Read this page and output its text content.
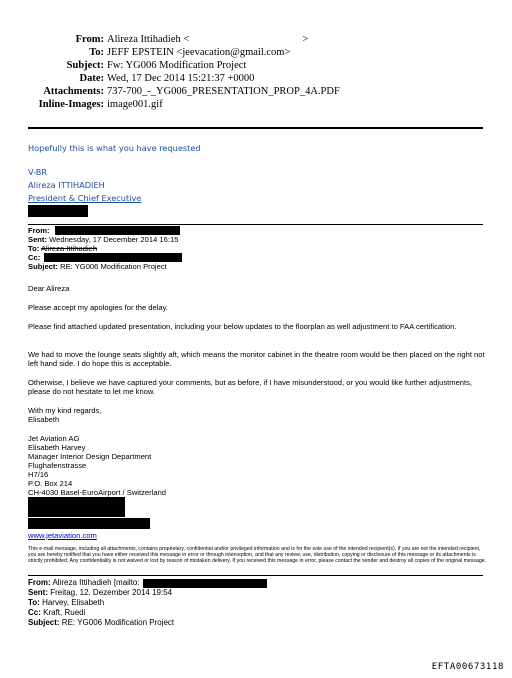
From: Alireza Ittihadieh <	>
To: JEFF EPSTEIN <jeevacation@gmail.com>
Subject: Fw: YG006 Modification Project
Date: Wed, 17 Dec 2014 15:21:37 +0000
Attachments: 737-700_-_YG006_PRESENTATION_PROP_4A.PDF
Inline-Images: image001.gif
Hopefully this is what you have requested
V-BR
Alireza ITTIHADIEH
President & Chief Executive
From:
Sent: Wednesday, 17 December 2014 16:15
To: Alireza Ittihadieh
Cc:
Subject: RE: YG006 Modification Project
Dear Alireza
Please accept my apologies for the delay.
Please find attached updated presentation, including your below updates to the floorplan as well adjustment to FAA certification.
We had to move the lounge seats slightly aft, which means the monitor cabinet in the theatre room would be then placed on the right not left hand side. I do hope this is acceptable.
Otherwise, I believe we have captured your comments, but as before, if I have misunderstood, or you would like further adjustments, please do not hesitate to let me know.
With my kind regards,
Elisabeth
Jet Aviation AG
Elisabeth Harvey
Manager Interior Design Department
Flughafenstrasse
H7/16
P.O. Box 214
CH-4030 Basel-EuroAirport / Switzerland
www.jetaviation.com
This e-mail message, including all attachments, contains proprietary, confidential and/or privileged information and is for the sole use of the intended recipient(s). If you are not the intended recipient, you are hereby notified that you have either received this message in error or through interception, and that any review, use, distribution, copying or disclosure of this message or its attachments is strictly prohibited. Any confidentiality is not waived or lost by reason of mistaken delivery. If you received this message in error, please contact the sender and destroy all copies of the original message.
From: Alireza Ittihadieh [mailto:
Sent: Freitag, 12. Dezember 2014 19:54
To: Harvey, Elisabeth
Cc: Kraft, Ruedi
Subject: RE: YG006 Modification Project
EFTA00673118
